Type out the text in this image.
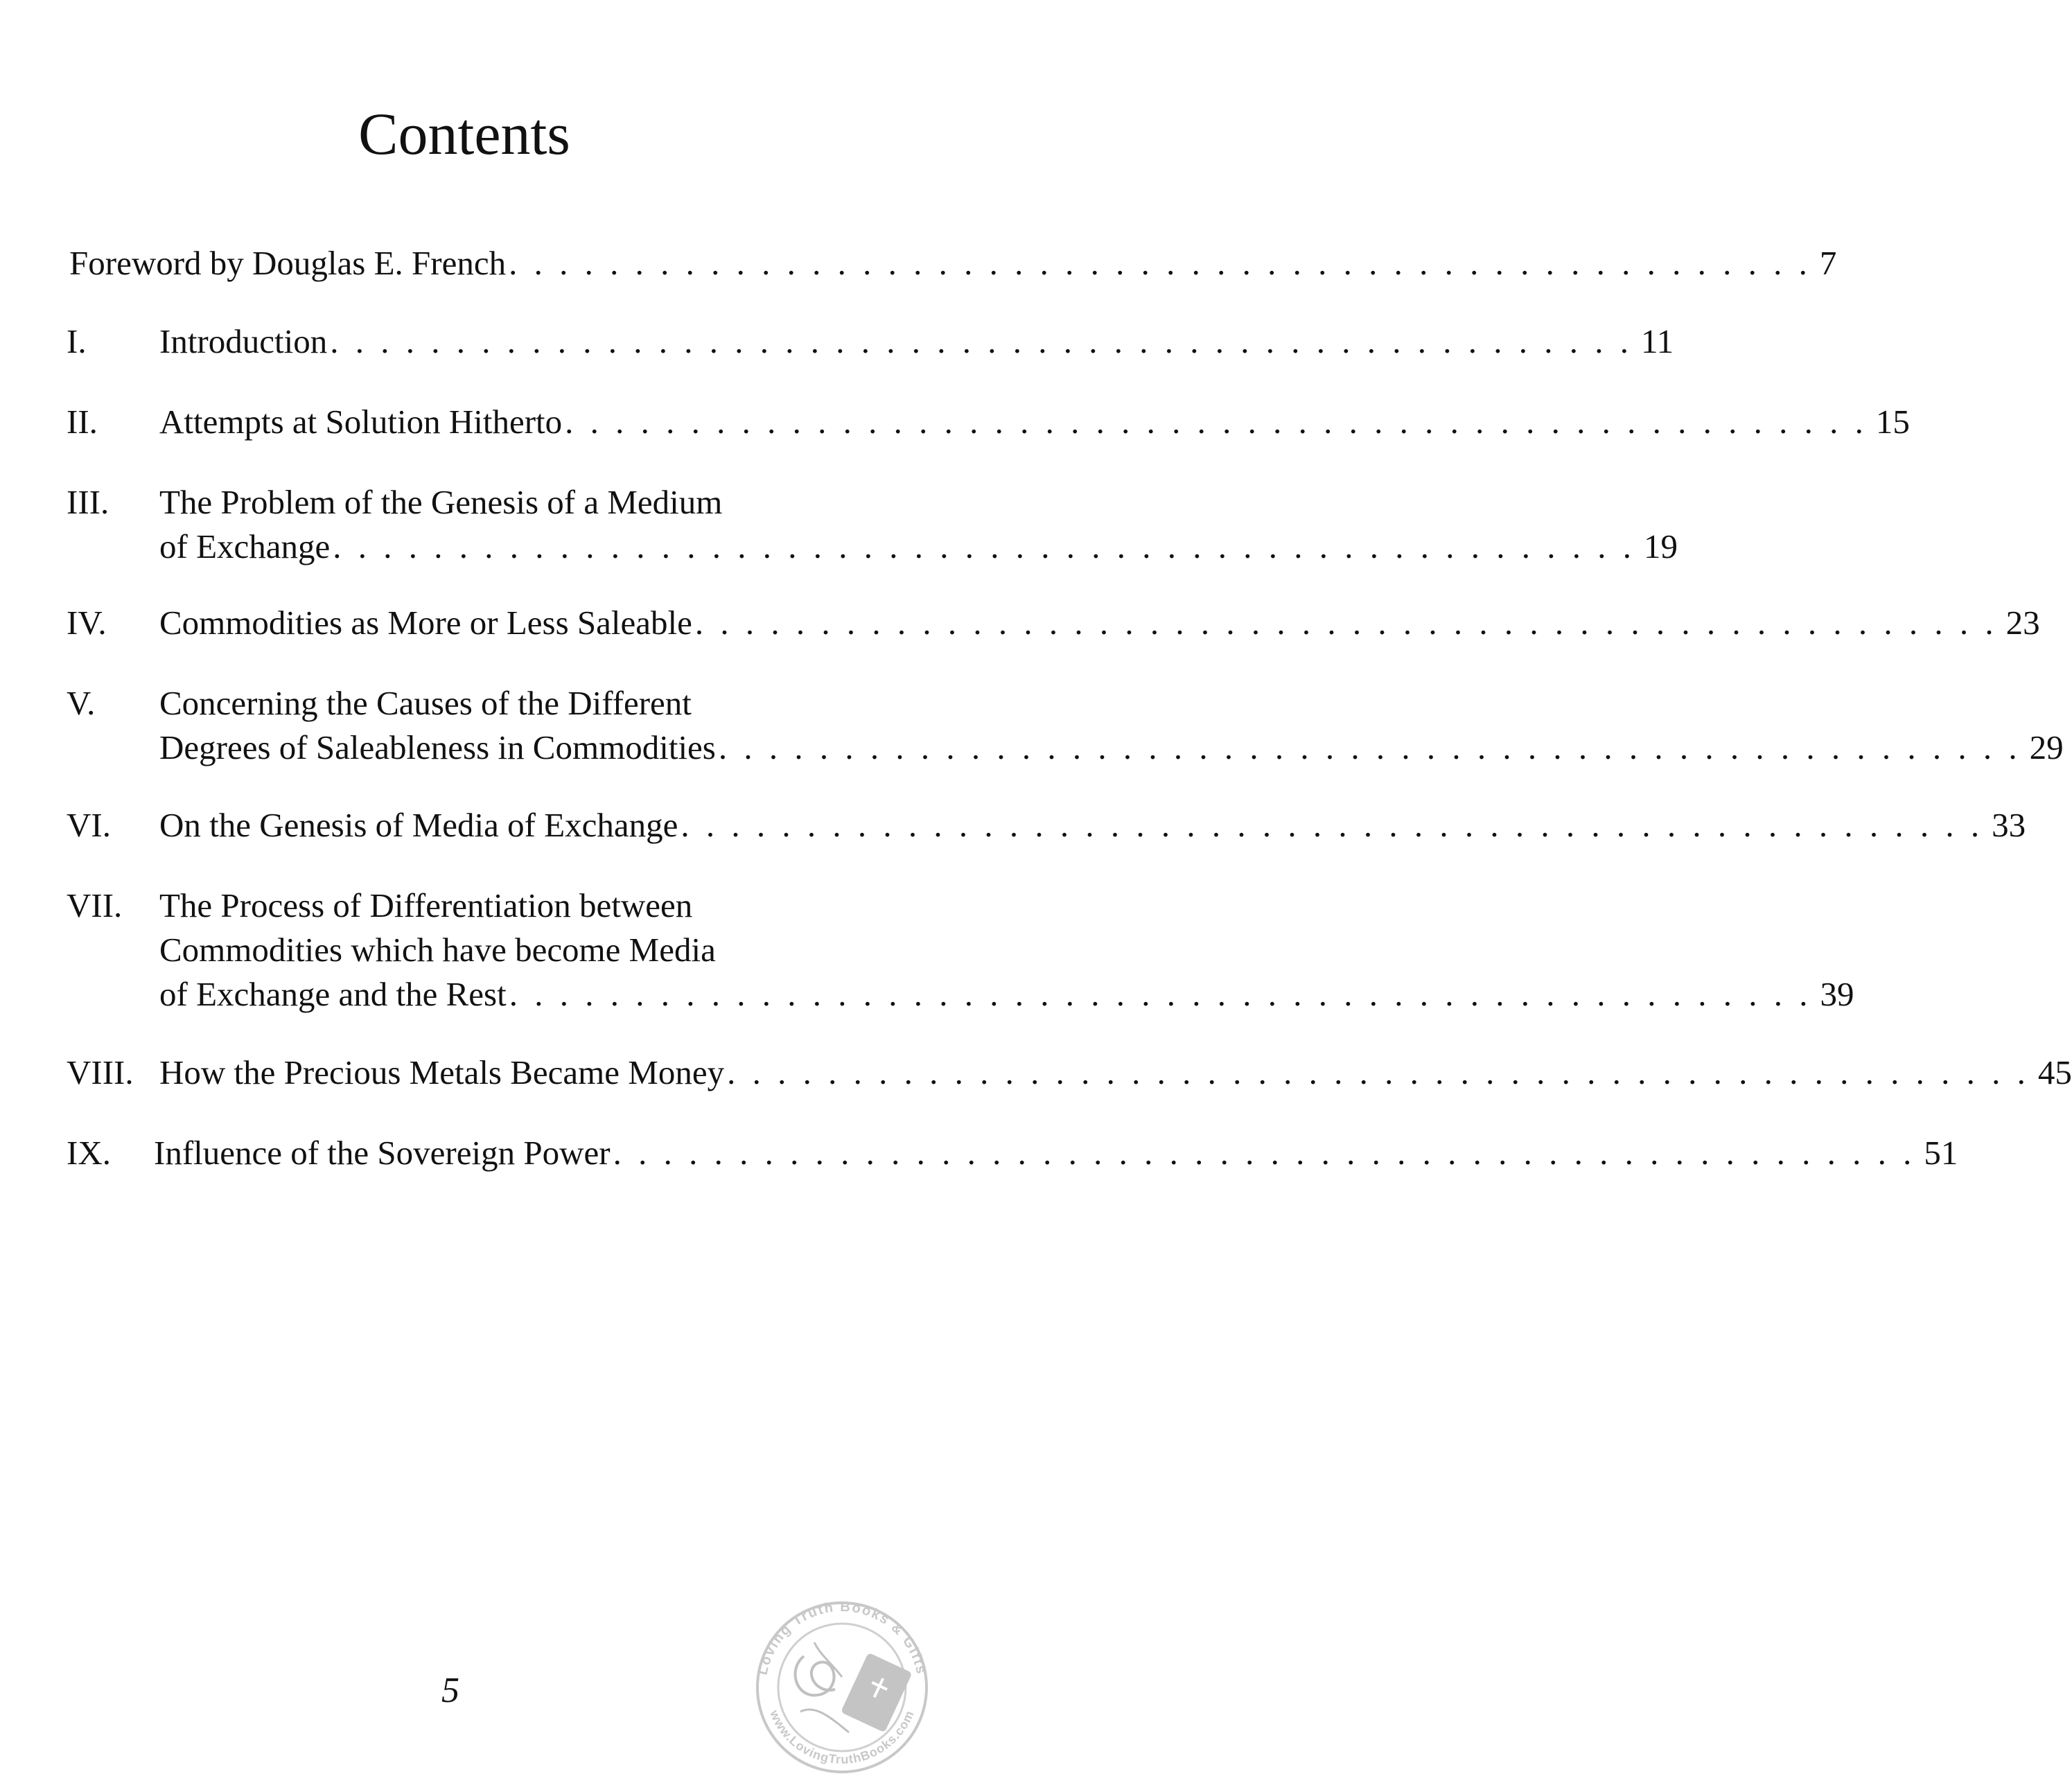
Contents
Foreword by Douglas E. French . . . . . . . . . . . . . . . . . . . . . . . . . . . . . . . . . . . . . . . . . . . . . . . . . . . . 7
I. Introduction . . . . . . . . . . . . . . . . . . . . . . . . . . . . . . . . . . . . . . . . . . . . . . . . . . . . 11
II. Attempts at Solution Hitherto . . . . . . . . . . . . . . . . . . . . . . . . . . . . . . . . . . . . . . . . . . . . . . . . . . . . 15
III. The Problem of the Genesis of a Medium
of Exchange . . . . . . . . . . . . . . . . . . . . . . . . . . . . . . . . . . . . . . . . . . . . . . . . . . . . 19
IV. Commodities as More or Less Saleable . . . . . . . . . . . . . . . . . . . . . . . . . . . . . . . . . . . . . . . . . . . . . . . . . . . . 23
V. Concerning the Causes of the Different
Degrees of Saleableness in Commodities . . . . . . . . . . . . . . . . . . . . . . . . . . . . . . . . . . . . . . . . . . . . . . . . . . . . 29
VI. On the Genesis of Media of Exchange . . . . . . . . . . . . . . . . . . . . . . . . . . . . . . . . . . . . . . . . . . . . . . . . . . . . 33
VII. The Process of Differentiation between
Commodities which have become Media
of Exchange and the Rest . . . . . . . . . . . . . . . . . . . . . . . . . . . . . . . . . . . . . . . . . . . . . . . . . . . . 39
VIII. How the Precious Metals Became Money . . . . . . . . . . . . . . . . . . . . . . . . . . . . . . . . . . . . . . . . . . . . . . . . . . . . 45
IX. Influence of the Sovereign Power . . . . . . . . . . . . . . . . . . . . . . . . . . . . . . . . . . . . . . . . . . . . . . . . . . . . 51
5
Loving Truth Books & Gifts
www.LovingTruthBooks.com
